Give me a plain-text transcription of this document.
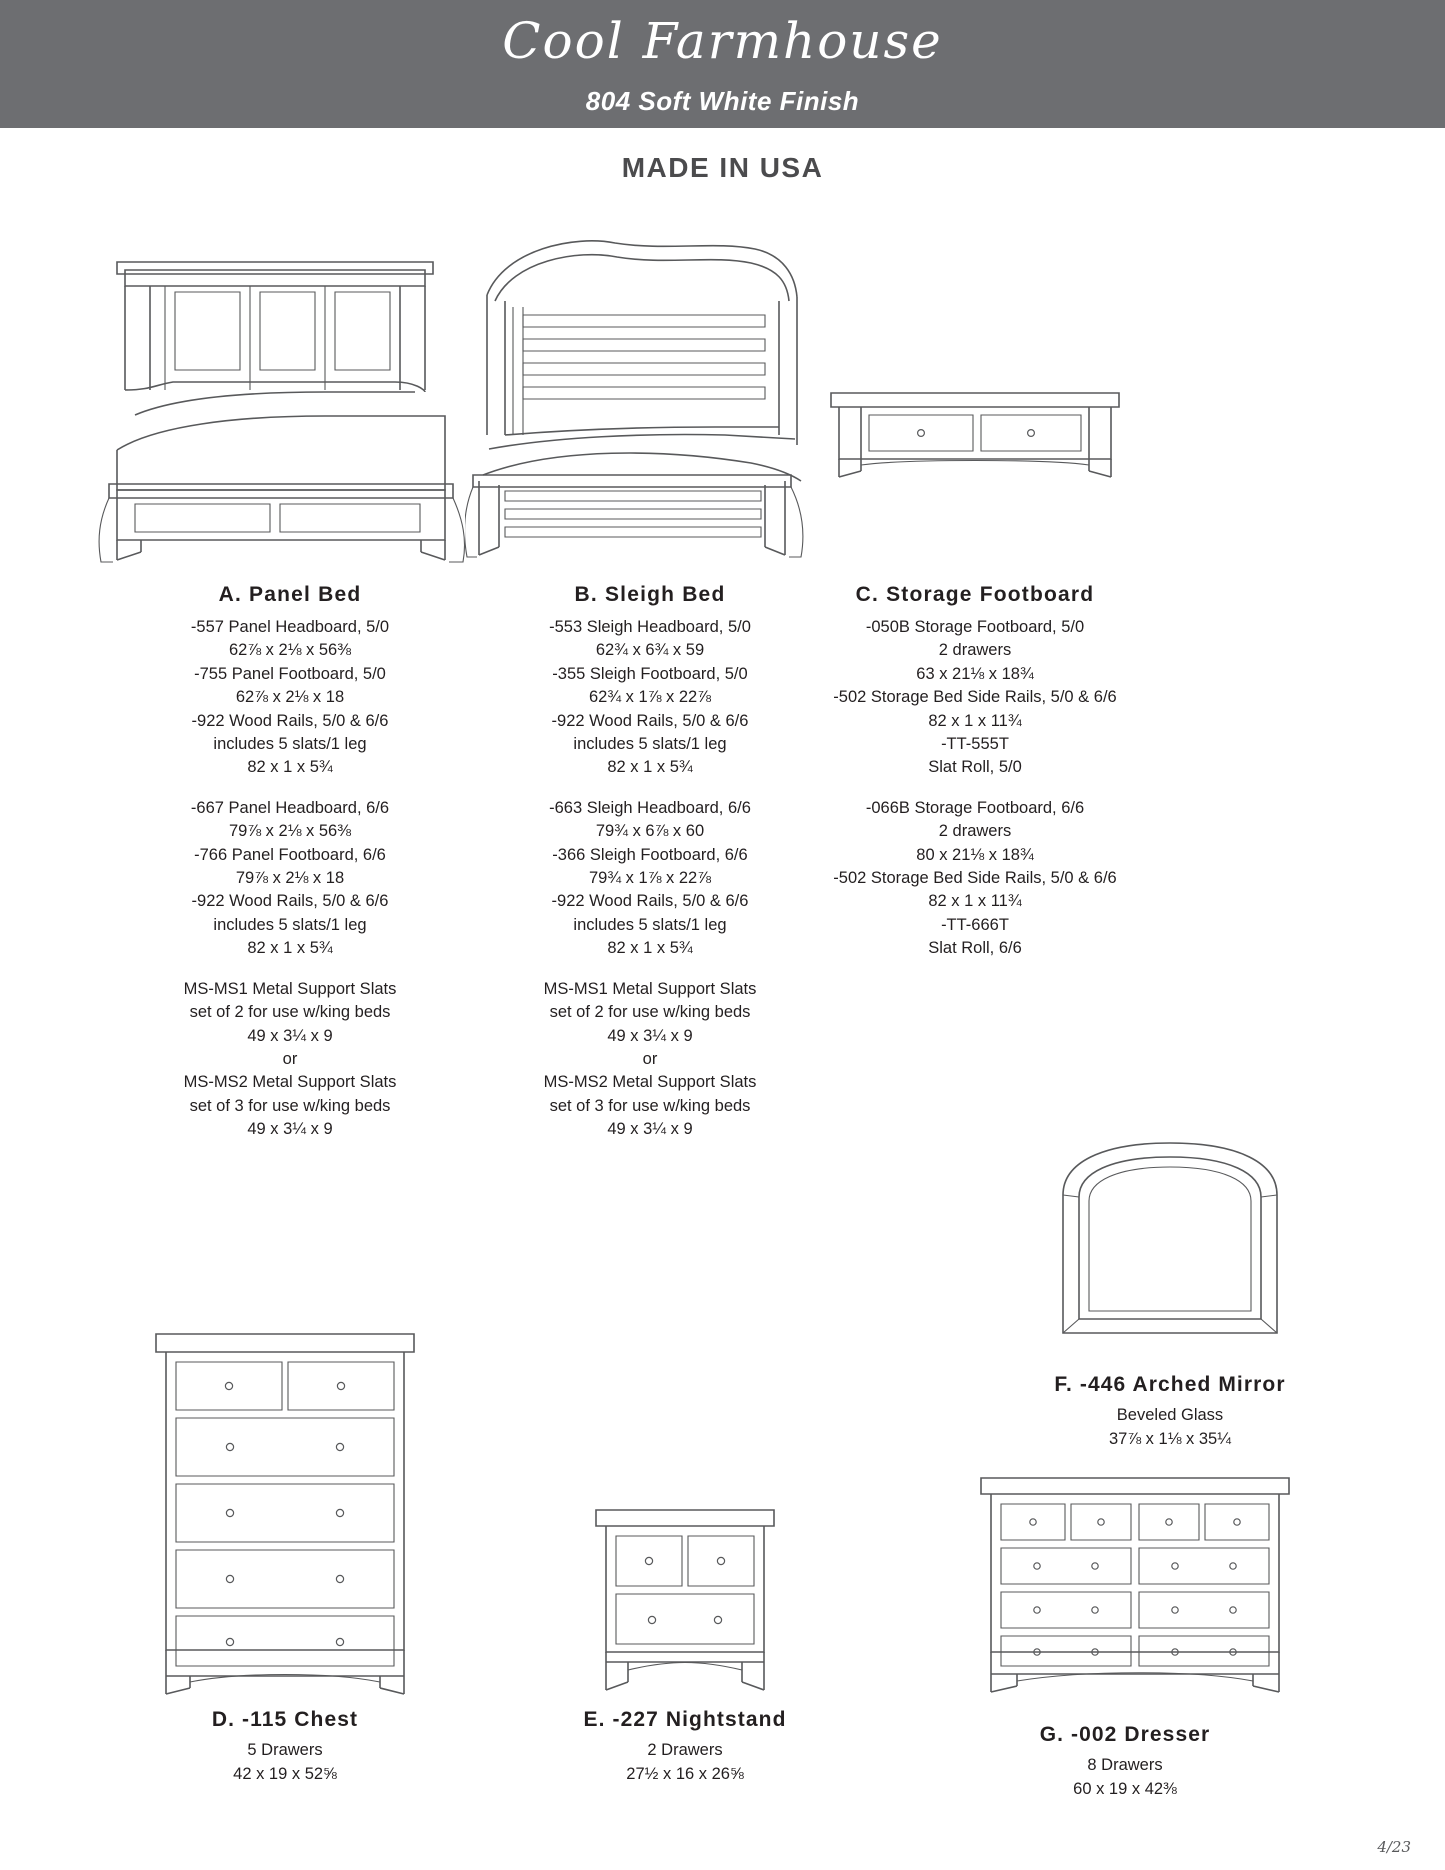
Cool Farmhouse
804 Soft White Finish
MADE IN USA
A. Panel Bed
-557 Panel Headboard, 5/0
62⅞ x 2⅛ x 56⅜
-755 Panel Footboard, 5/0
62⅞ x 2⅛ x 18
-922 Wood Rails, 5/0 & 6/6
includes 5 slats/1 leg
82 x 1 x 5¾
-667 Panel Headboard, 6/6
79⅞ x 2⅛ x 56⅜
-766 Panel Footboard, 6/6
79⅞ x 2⅛ x 18
-922 Wood Rails, 5/0 & 6/6
includes 5 slats/1 leg
82 x 1 x 5¾
MS-MS1 Metal Support Slats
set of 2 for use w/king beds
49 x 3¼ x 9
or
MS-MS2 Metal Support Slats
set of 3 for use w/king beds
49 x 3¼ x 9
B. Sleigh Bed
-553 Sleigh Headboard, 5/0
62¾ x 6¾ x 59
-355 Sleigh Footboard, 5/0
62¾ x 1⅞ x 22⅞
-922 Wood Rails, 5/0 & 6/6
includes 5 slats/1 leg
82 x 1 x 5¾
-663 Sleigh Headboard, 6/6
79¾ x 6⅞ x 60
-366 Sleigh Footboard, 6/6
79¾ x 1⅞ x 22⅞
-922 Wood Rails, 5/0 & 6/6
includes 5 slats/1 leg
82 x 1 x 5¾
MS-MS1 Metal Support Slats
set of 2 for use w/king beds
49 x 3¼ x 9
or
MS-MS2 Metal Support Slats
set of 3 for use w/king beds
49 x 3¼ x 9
C. Storage Footboard
-050B Storage Footboard, 5/0
2 drawers
63 x 21⅛ x 18¾
-502 Storage Bed Side Rails, 5/0 & 6/6
82 x 1 x 11¾
-TT-555T
Slat Roll, 5/0
-066B Storage Footboard, 6/6
2 drawers
80 x 21⅛ x 18¾
-502 Storage Bed Side Rails, 5/0 & 6/6
82 x 1 x 11¾
-TT-666T
Slat Roll, 6/6
F. -446 Arched Mirror
Beveled Glass
37⅞ x 1⅛ x 35¼
D. -115 Chest
5 Drawers
42 x 19 x 52⅝
E. -227 Nightstand
2 Drawers
27½ x 16 x 26⅝
G. -002 Dresser
8 Drawers
60 x 19 x 42⅜
4/23
